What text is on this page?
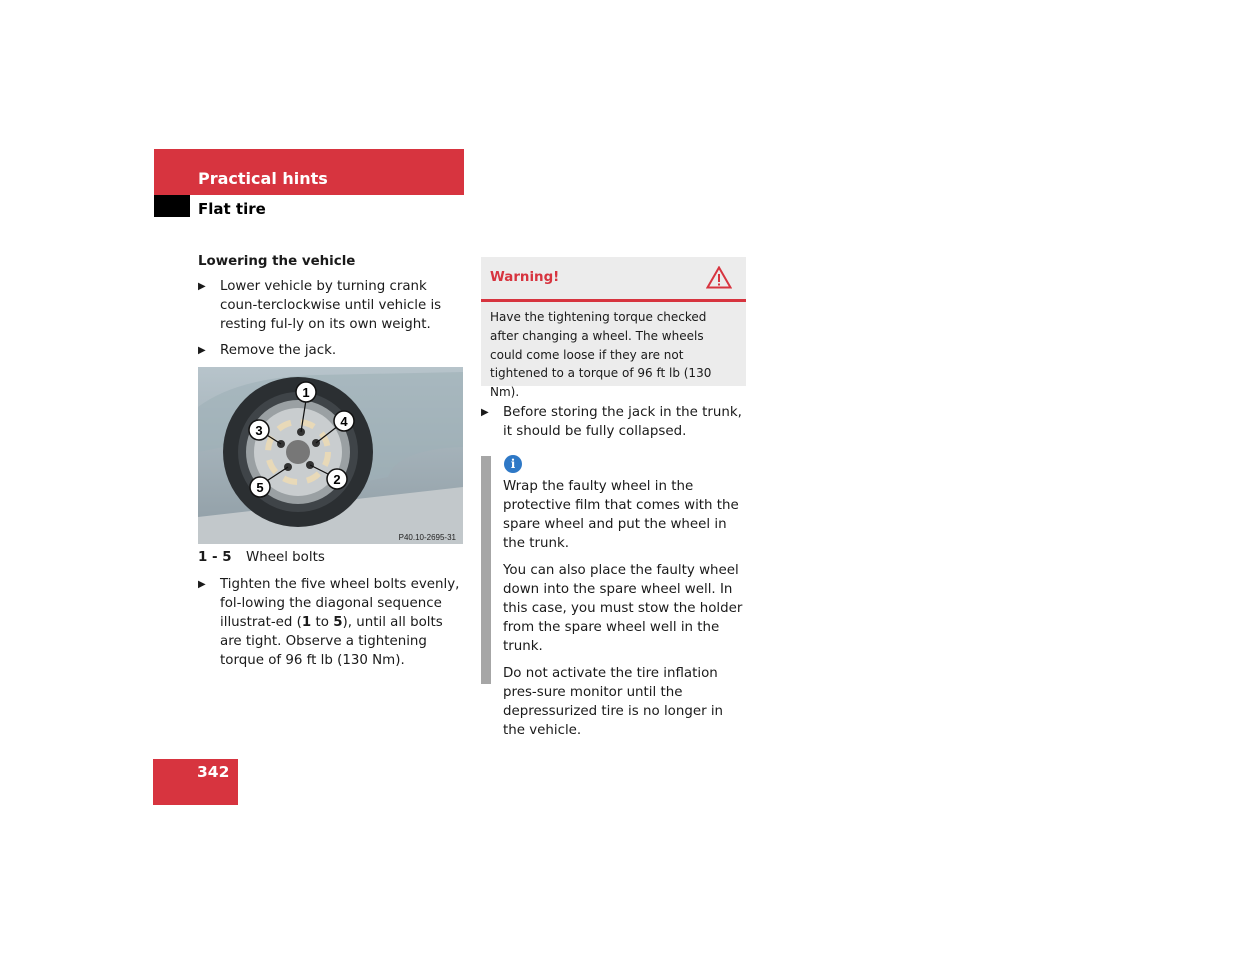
Practical hints
Flat tire
Lowering the vehicle
▶ Lower vehicle by turning crank coun-terclockwise until vehicle is resting ful-ly on its own weight.
▶ Remove the jack.
1
4
3
2
5
P40.10-2695-31
1 - 5	Wheel bolts
▶ Tighten the five wheel bolts evenly, fol-lowing the diagonal sequence illustrat-ed (1 to 5), until all bolts are tight. Observe a tightening torque of 96 ft lb (130 Nm).
Warning!
Have the tightening torque checked after changing a wheel. The wheels could come loose if they are not tightened to a torque of 96 ft lb (130 Nm).
▶ Before storing the jack in the trunk, it should be fully collapsed.
i

Wrap the faulty wheel in the protective film that comes with the spare wheel and put the wheel in the trunk.

You can also place the faulty wheel down into the spare wheel well. In this case, you must stow the holder from the spare wheel well in the trunk.

Do not activate the tire inflation pres-sure monitor until the depressurized tire is no longer in the vehicle.

342
